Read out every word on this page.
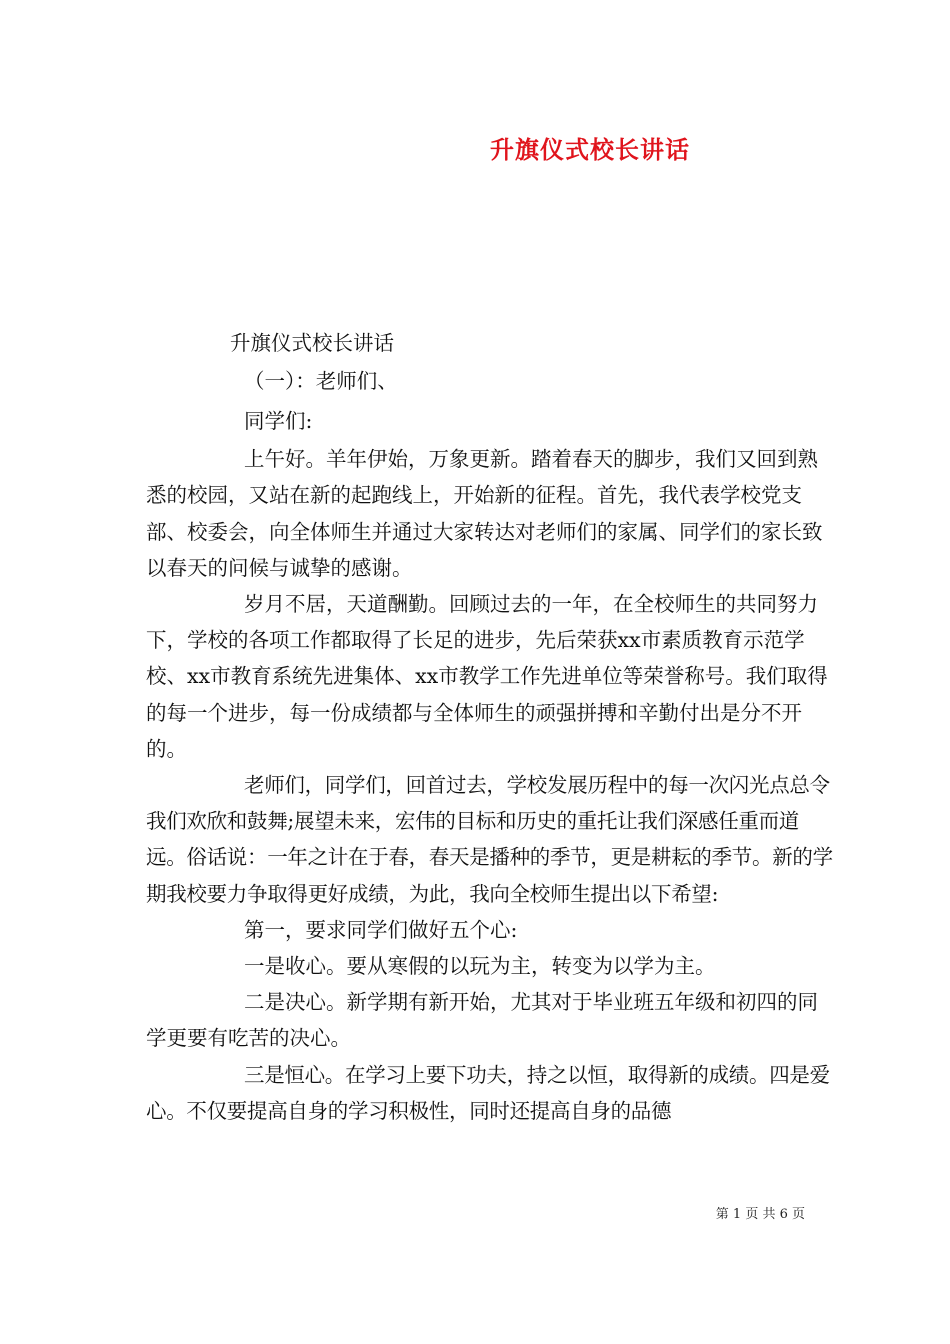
升旗仪式校长讲话

升旗仪式校长讲话

（一）：老师们、

同学们:

上午好。羊年伊始，万象更新。踏着春天的脚步，我们又回到熟悉的校园，又站在新的起跑线上，开始新的征程。首先，我代表学校党支部、校委会，向全体师生并通过大家转达对老师们的家属、同学们的家长致以春天的问候与诚挚的感谢。

岁月不居，天道酬勤。回顾过去的一年，在全校师生的共同努力下，学校的各项工作都取得了长足的进步，先后荣获xx市素质教育示范学校、xx市教育系统先进集体、xx市教学工作先进单位等荣誉称号。我们取得的每一个进步，每一份成绩都与全体师生的顽强拼搏和辛勤付出是分不开的。

老师们，同学们，回首过去，学校发展历程中的每一次闪光点总令我们欢欣和鼓舞;展望未来，宏伟的目标和历史的重托让我们深感任重而道远。俗话说：一年之计在于春，春天是播种的季节，更是耕耘的季节。新的学期我校要力争取得更好成绩，为此，我向全校师生提出以下希望:

第一，要求同学们做好五个心:

一是收心。要从寒假的以玩为主，转变为以学为主。

二是决心。新学期有新开始，尤其对于毕业班五年级和初四的同学更要有吃苦的决心。

三是恒心。在学习上要下功夫，持之以恒，取得新的成绩。四是爱心。不仅要提高自身的学习积极性，同时还提高自身的品德

第 1 页 共 6 页
